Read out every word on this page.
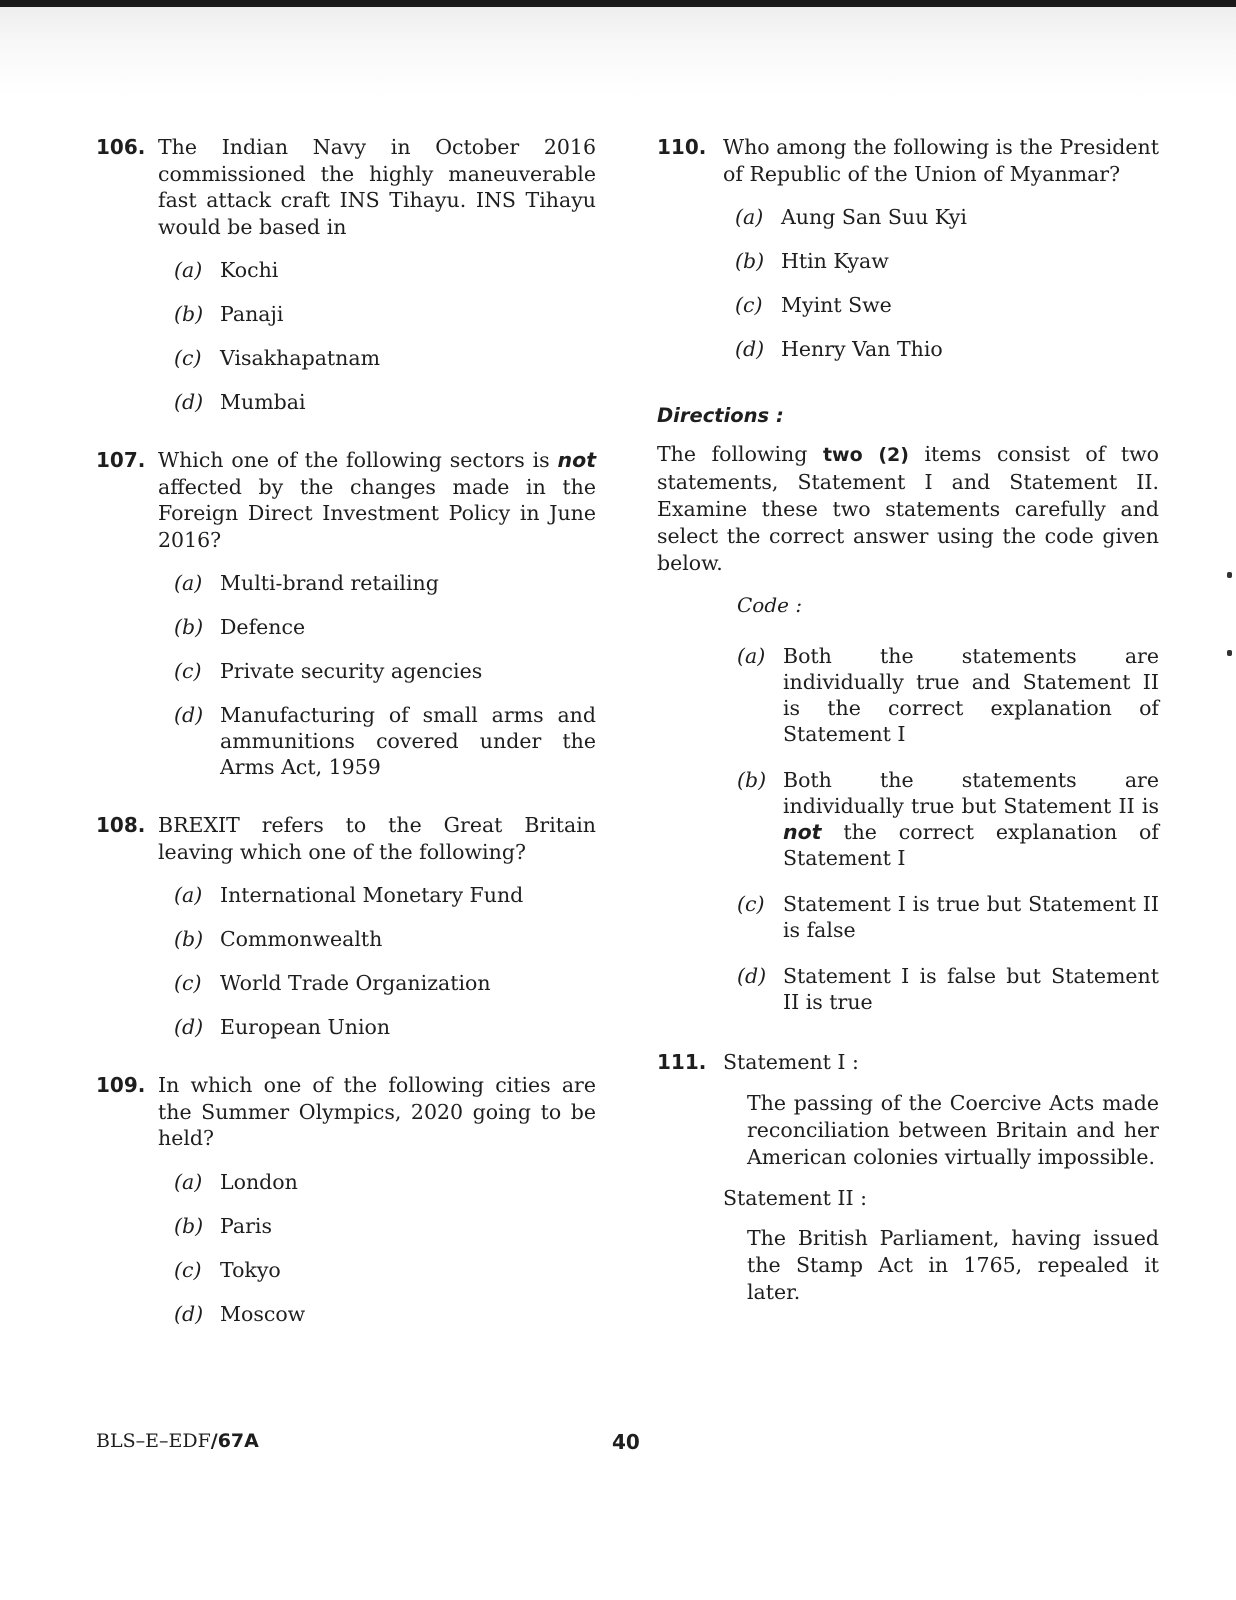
106. The Indian Navy in October 2016 commissioned the highly maneuverable fast attack craft INS Tihayu. INS Tihayu would be based in
(a) Kochi
(b) Panaji
(c) Visakhapatnam
(d) Mumbai
107. Which one of the following sectors is not affected by the changes made in the Foreign Direct Investment Policy in June 2016?
(a) Multi-brand retailing
(b) Defence
(c) Private security agencies
(d) Manufacturing of small arms and ammunitions covered under the Arms Act, 1959
108. BREXIT refers to the Great Britain leaving which one of the following?
(a) International Monetary Fund
(b) Commonwealth
(c) World Trade Organization
(d) European Union
109. In which one of the following cities are the Summer Olympics, 2020 going to be held?
(a) London
(b) Paris
(c) Tokyo
(d) Moscow
110. Who among the following is the President of Republic of the Union of Myanmar?
(a) Aung San Suu Kyi
(b) Htin Kyaw
(c) Myint Swe
(d) Henry Van Thio
Directions :
The following two (2) items consist of two statements, Statement I and Statement II. Examine these two statements carefully and select the correct answer using the code given below.
Code :
(a) Both the statements are individually true and Statement II is the correct explanation of Statement I
(b) Both the statements are individually true but Statement II is not the correct explanation of Statement I
(c) Statement I is true but Statement II is false
(d) Statement I is false but Statement II is true
111. Statement I :
The passing of the Coercive Acts made reconciliation between Britain and her American colonies virtually impossible.
Statement II :
The British Parliament, having issued the Stamp Act in 1765, repealed it later.
BLS–E–EDF/67A	40
